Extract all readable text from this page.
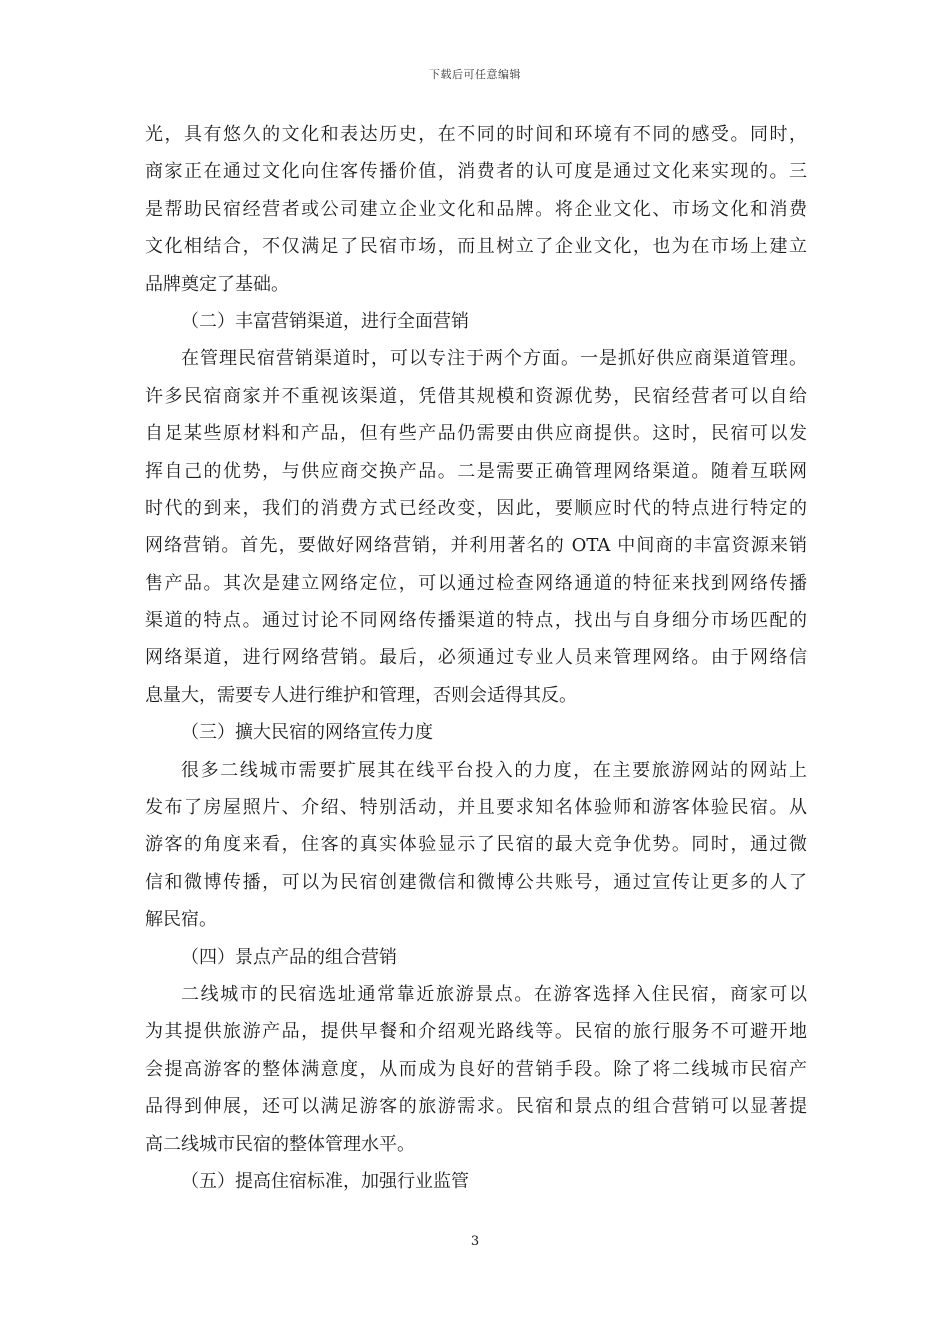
下载后可任意编辑
光，具有悠久的文化和表达历史，在不同的时间和环境有不同的感受。同时，
商家正在通过文化向住客传播价值，消费者的认可度是通过文化来实现的。三
是帮助民宿经营者或公司建立企业文化和品牌。将企业文化、市场文化和消费
文化相结合，不仅满足了民宿市场，而且树立了企业文化，也为在市场上建立
品牌奠定了基础。
（二）丰富营销渠道，进行全面营销
在管理民宿营销渠道时，可以专注于两个方面。一是抓好供应商渠道管理。
许多民宿商家并不重视该渠道，凭借其规模和资源优势，民宿经营者可以自给
自足某些原材料和产品，但有些产品仍需要由供应商提供。这时，民宿可以发
挥自己的优势，与供应商交换产品。二是需要正确管理网络渠道。随着互联网
时代的到来，我们的消费方式已经改变，因此，要顺应时代的特点进行特定的
网络营销。首先，要做好网络营销，并利用著名的 OTA 中间商的丰富资源来销
售产品。其次是建立网络定位，可以通过检查网络通道的特征来找到网络传播
渠道的特点。通过讨论不同网络传播渠道的特点，找出与自身细分市场匹配的
网络渠道，进行网络营销。最后，必须通过专业人员来管理网络。由于网络信
息量大，需要专人进行维护和管理，否则会适得其反。
（三）擴大民宿的网络宣传力度
很多二线城市需要扩展其在线平台投入的力度，在主要旅游网站的网站上
发布了房屋照片、介绍、特别活动，并且要求知名体验师和游客体验民宿。从
游客的角度来看，住客的真实体验显示了民宿的最大竞争优势。同时，通过微
信和微博传播，可以为民宿创建微信和微博公共账号，通过宣传让更多的人了
解民宿。
（四）景点产品的组合营销
二线城市的民宿选址通常靠近旅游景点。在游客选择入住民宿，商家可以
为其提供旅游产品，提供早餐和介绍观光路线等。民宿的旅行服务不可避开地
会提高游客的整体满意度，从而成为良好的营销手段。除了将二线城市民宿产
品得到伸展，还可以满足游客的旅游需求。民宿和景点的组合营销可以显著提
高二线城市民宿的整体管理水平。
（五）提高住宿标准，加强行业监管
3
